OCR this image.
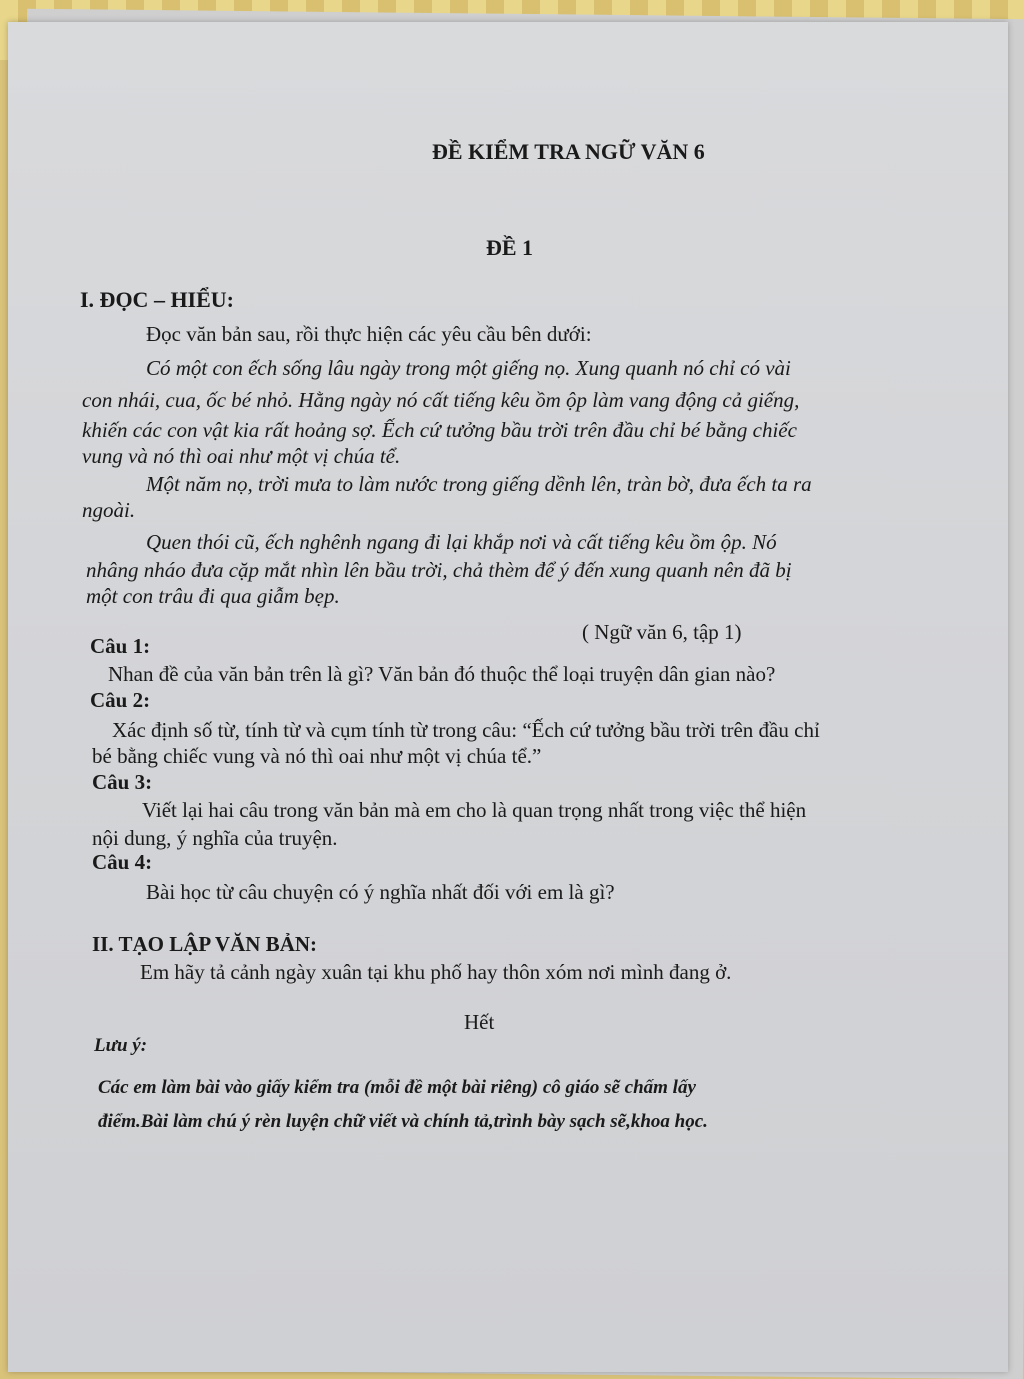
ĐỀ KIỂM TRA NGỮ VĂN 6
ĐỀ 1
I. ĐỌC – HIỂU:
Đọc văn bản sau, rồi thực hiện các yêu cầu bên dưới:
Có một con ếch sống lâu ngày trong một giếng nọ. Xung quanh nó chỉ có vài
con nhái, cua, ốc bé nhỏ. Hằng ngày nó cất tiếng kêu ồm ộp làm vang động cả giếng,
khiến các con vật kia rất hoảng sợ. Ếch cứ tưởng bầu trời trên đầu chỉ bé bằng chiếc
vung và nó thì oai như một vị chúa tể.
Một năm nọ, trời mưa to làm nước trong giếng dềnh lên, tràn bờ, đưa ếch ta ra
ngoài.
Quen thói cũ, ếch nghênh ngang đi lại khắp nơi và cất tiếng kêu ồm ộp. Nó
nhâng nháo đưa cặp mắt nhìn lên bầu trời, chả thèm để ý đến xung quanh nên đã bị
một con trâu đi qua giẫm bẹp.
( Ngữ văn 6, tập 1)
Câu 1:
Nhan đề của văn bản trên là gì? Văn bản đó thuộc thể loại truyện dân gian nào?
Câu 2:
Xác định số từ, tính từ và cụm tính từ trong câu: “Ếch cứ tưởng bầu trời trên đầu chỉ
bé bằng chiếc vung và nó thì oai như một vị chúa tể.”
Câu 3:
Viết lại hai câu trong văn bản mà em cho là quan trọng nhất trong việc thể hiện
nội dung, ý nghĩa của truyện.
Câu 4:
Bài học từ câu chuyện có ý nghĩa nhất đối với em là gì?
II. TẠO LẬP VĂN BẢN:
Em hãy tả cảnh ngày xuân tại khu phố hay thôn xóm nơi mình đang ở.
Hết
Lưu ý:
Các em làm bài vào giấy kiểm tra (mỗi đề một bài riêng) cô giáo sẽ chấm lấy
điểm.Bài làm chú ý rèn luyện chữ viết và chính tả,trình bày sạch sẽ,khoa học.
